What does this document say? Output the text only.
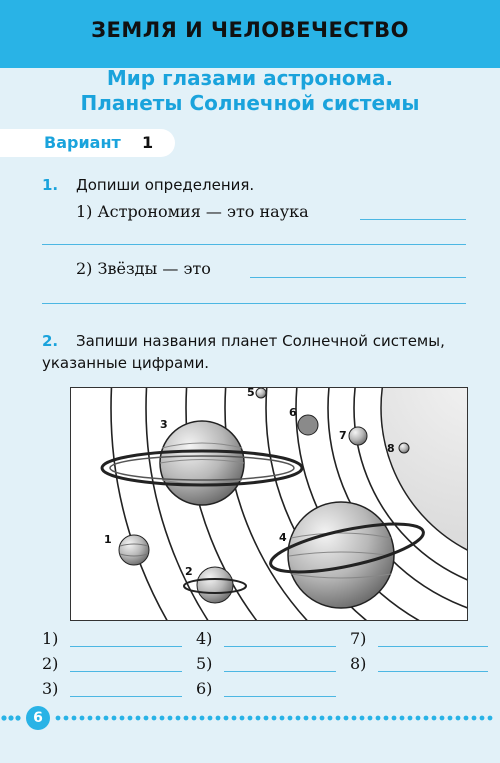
ЗЕМЛЯ И ЧЕЛОВЕЧЕСТВО
Мир глазами астронома.
Планеты Солнечной системы
Вариант 1
1. Допиши определения.
1) Астрономия — это наука
2) Звёзды — это
2. Запиши названия планет Солнечной системы,
указанные цифрами.
1
2
3
4
5
6
7
8
1)
2)
3)
4)
5)
6)
7)
8)
6
